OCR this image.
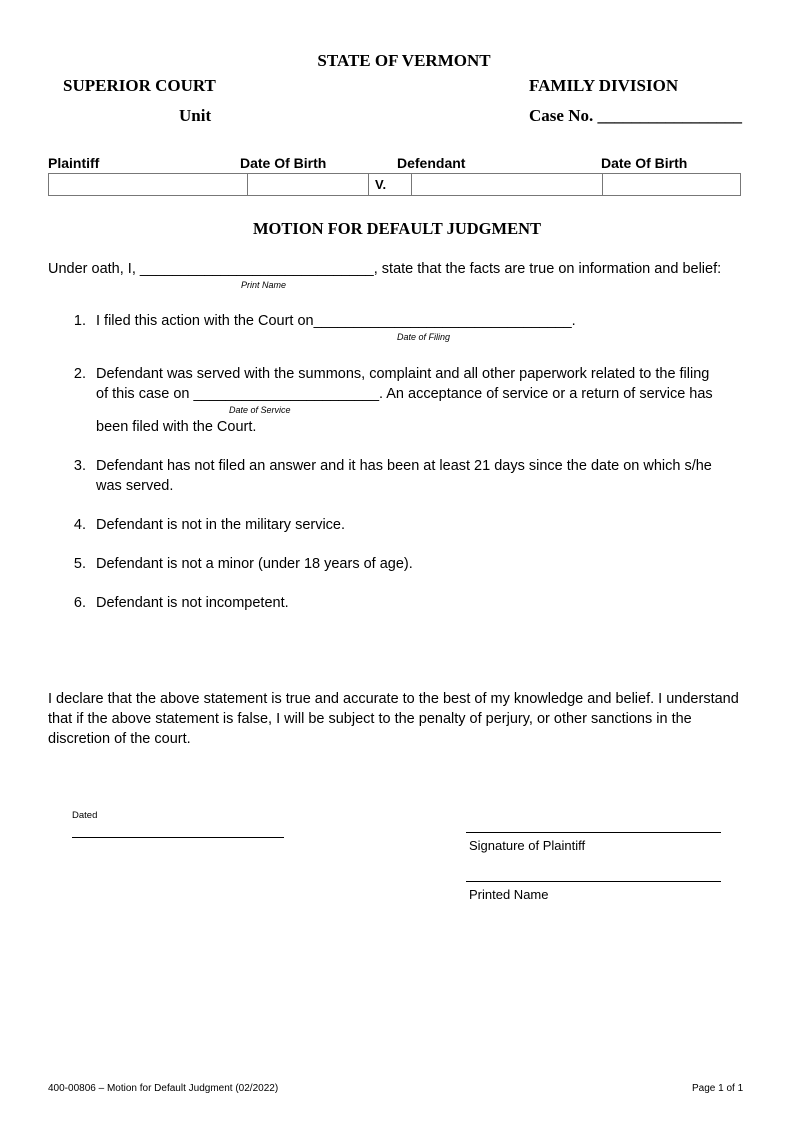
STATE OF VERMONT
SUPERIOR COURT	FAMILY DIVISION
Unit	Case No. _________________
Plaintiff	Date Of Birth	Defendant	Date Of Birth
		V.		
MOTION FOR DEFAULT JUDGMENT
Under oath, I, _____________________________, state that the facts are true on information and belief:
Print Name
1. I filed this action with the Court on________________________________.
Date of Filing
2. Defendant was served with the summons, complaint and all other paperwork related to the filing
of this case on _______________________. An acceptance of service or a return of service has
Date of Service
been filed with the Court.
3. Defendant has not filed an answer and it has been at least 21 days since the date on which s/he
was served.
4. Defendant is not in the military service.
5. Defendant is not a minor (under 18 years of age).
6. Defendant is not incompetent.
I declare that the above statement is true and accurate to the best of my knowledge and belief. I understand
that if the above statement is false, I will be subject to the penalty of perjury, or other sanctions in the
discretion of the court.
Dated
Signature of Plaintiff
Printed Name
400-00806 – Motion for Default Judgment (02/2022)	Page 1 of 1
